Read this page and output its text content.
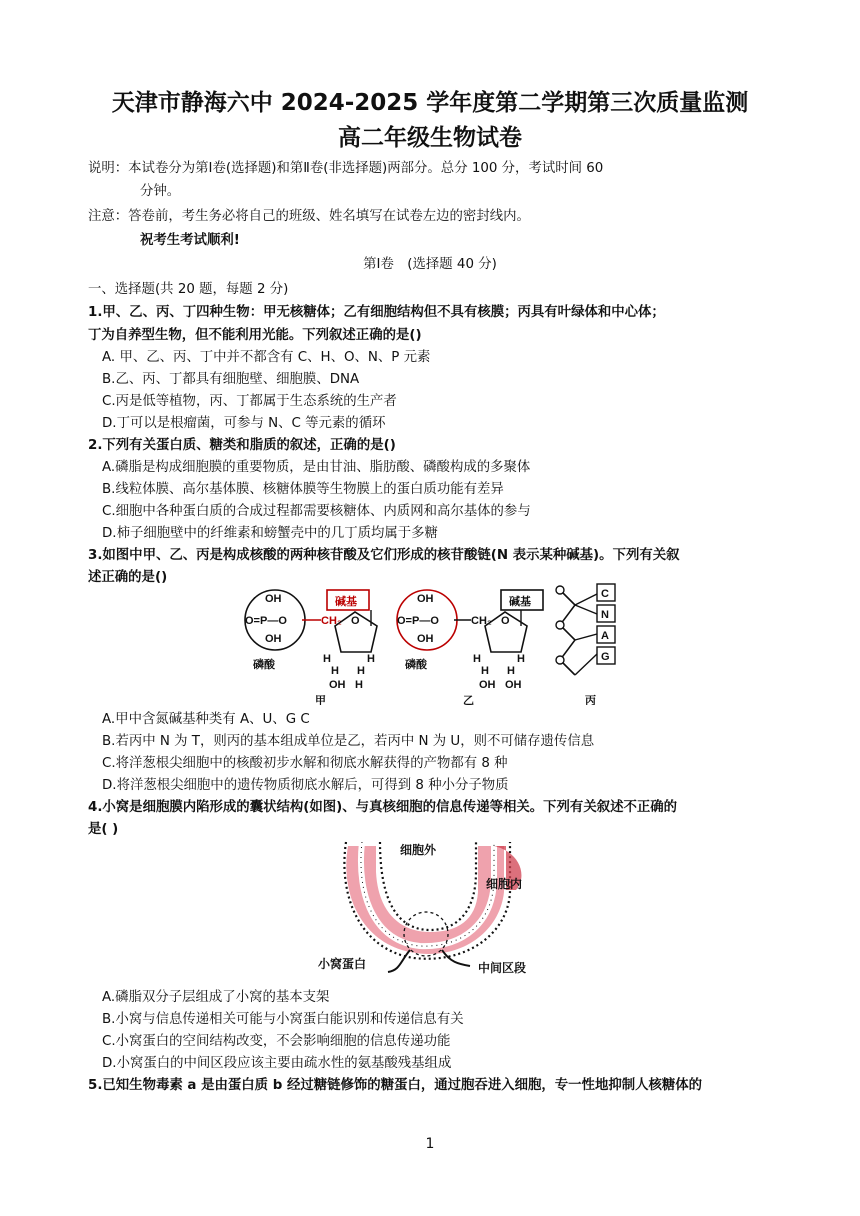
天津市静海六中 2024-2025 学年度第二学期第三次质量监测
高二年级生物试卷
说明：本试卷分为第Ⅰ卷(选择题)和第Ⅱ卷(非选择题)两部分。总分 100 分，考试时间 60
分钟。
注意：答卷前，考生务必将自己的班级、姓名填写在试卷左边的密封线内。
祝考生考试顺利!
第Ⅰ卷　(选择题 40 分)
一、选择题(共 20 题，每题 2 分)
1.甲、乙、丙、丁四种生物：甲无核糖体；乙有细胞结构但不具有核膜；丙具有叶绿体和中心体；
丁为自养型生物，但不能利用光能。下列叙述正确的是()
A. 甲、乙、丙、丁中并不都含有 C、H、O、N、P 元素
B.乙、丙、丁都具有细胞壁、细胞膜、DNA
C.丙是低等植物，丙、丁都属于生态系统的生产者
D.丁可以是根瘤菌，可参与 N、C 等元素的循环
2.下列有关蛋白质、糖类和脂质的叙述，正确的是()
A.磷脂是构成细胞膜的重要物质，是由甘油、脂肪酸、磷酸构成的多聚体
B.线粒体膜、高尔基体膜、核糖体膜等生物膜上的蛋白质功能有差异
C.细胞中各种蛋白质的合成过程都需要核糖体、内质网和高尔基体的参与
D.柿子细胞壁中的纤维素和螃蟹壳中的几丁质均属于多糖
3.如图中甲、乙、丙是构成核酸的两种核苷酸及它们形成的核苷酸链(N 表示某种碱基)。下列有关叙
述正确的是()
OH
O=P—O
OH
CH₂ O
碱基
H	H
H H
OH H
磷酸
甲
OH
O=P—O
OH
CH₂ O
碱基
H	H
H H
OH OH
磷酸
乙
C
N
A
G
丙
A.甲中含氮碱基种类有 A、U、G C
B.若丙中 N 为 T，则丙的基本组成单位是乙，若丙中 N 为 U，则不可储存遗传信息
C.将洋葱根尖细胞中的核酸初步水解和彻底水解获得的产物都有 8 种
D.将洋葱根尖细胞中的遗传物质彻底水解后，可得到 8 种小分子物质
4.小窝是细胞膜内陷形成的囊状结构(如图)、与真核细胞的信息传递等相关。下列有关叙述不正确的
是( )
细胞外
细胞内
小窝蛋白	中间区段
A.磷脂双分子层组成了小窝的基本支架
B.小窝与信息传递相关可能与小窝蛋白能识别和传递信息有关
C.小窝蛋白的空间结构改变，不会影响细胞的信息传递功能
D.小窝蛋白的中间区段应该主要由疏水性的氨基酸残基组成
5.已知生物毒素 a 是由蛋白质 b 经过糖链修饰的糖蛋白，通过胞吞进入细胞，专一性地抑制人核糖体的
1
